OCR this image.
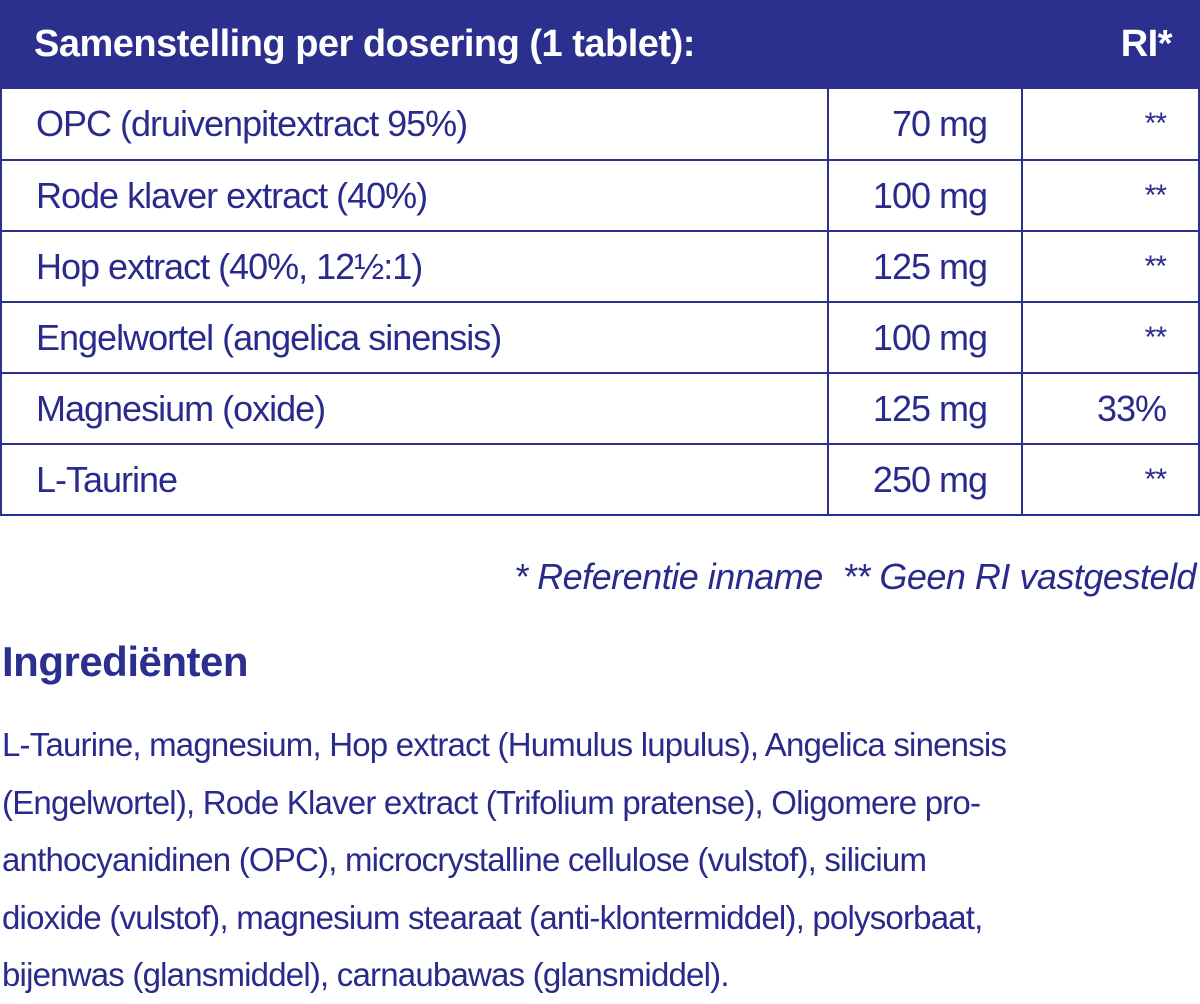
Samenstelling per dosering (1 tablet):	RI*
OPC (druivenpitextract 95%)	70 mg	**
Rode klaver extract (40%)	100 mg	**
Hop extract (40%, 12½:1)	125 mg	**
Engelwortel (angelica sinensis)	100 mg	**
Magnesium (oxide)	125 mg	33%
L-Taurine	250 mg	**
* Referentie inname ** Geen RI vastgesteld
Ingrediënten
L-Taurine, magnesium, Hop extract (Humulus lupulus), Angelica sinensis
(Engelwortel), Rode Klaver extract (Trifolium pratense), Oligomere pro-
anthocyanidinen (OPC), microcrystalline cellulose (vulstof), silicium
dioxide (vulstof), magnesium stearaat (anti-klontermiddel), polysorbaat,
bijenwas (glansmiddel), carnaubawas (glansmiddel).
